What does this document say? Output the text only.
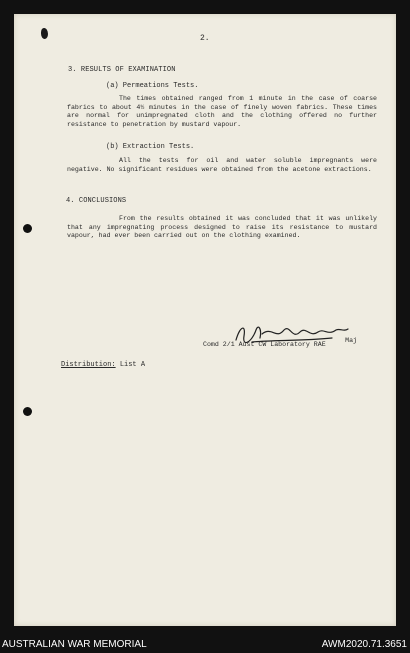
2.
3. RESULTS OF EXAMINATION
(a) Permeations Tests.

The times obtained ranged from 1 minute in the case of coarse fabrics to about 4½ minutes in the case of finely woven fabrics. These times are normal for unimpregnated cloth and the clothing offered no further resistance to penetration by mustard vapour.

(b) Extraction Tests.

All the tests for oil and water soluble impregnants were negative. No significant residues were obtained from the acetone extractions.

4. CONCLUSIONS

From the results obtained it was concluded that it was unlikely that any impregnating process designed to raise its resistance to mustard vapour, had ever been carried out on the clothing examined.

Maj
Comd 2/1 Aust CW Laboratory RAE
Distribution: List A
AUSTRALIAN WAR MEMORIAL	AWM2020.71.3651
